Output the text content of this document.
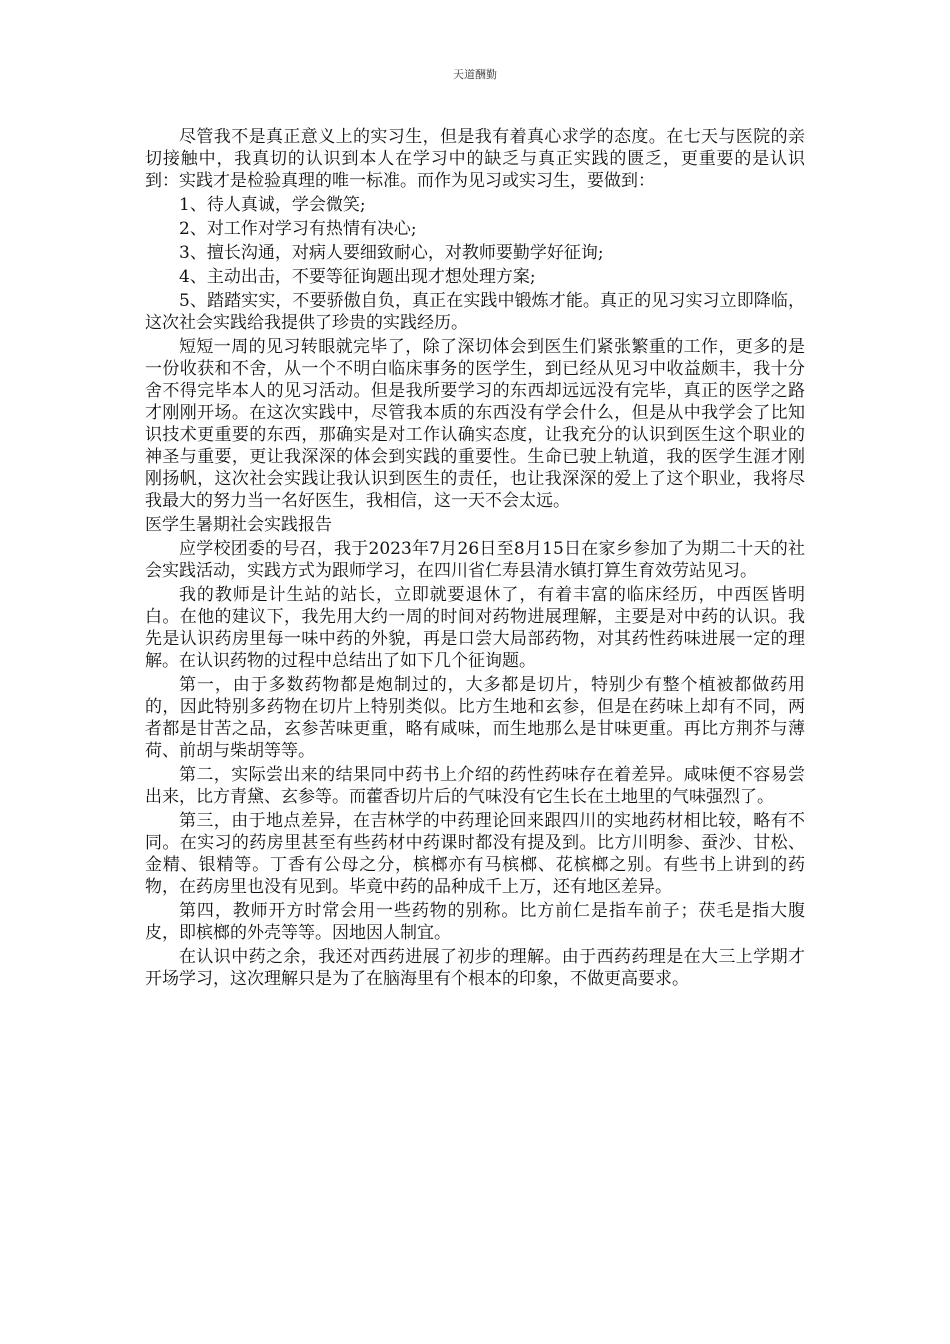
天道酬勤

尽管我不是真正意义上的实习生，但是我有着真心求学的态度。在七天与医院的亲切接触中，我真切的认识到本人在学习中的缺乏与真正实践的匮乏，更重要的是认识到：实践才是检验真理的唯一标准。而作为见习或实习生，要做到：

1、待人真诚，学会微笑;

2、对工作对学习有热情有决心;

3、擅长沟通，对病人要细致耐心，对教师要勤学好征询;

4、主动出击，不要等征询题出现才想处理方案;

5、踏踏实实，不要骄傲自负，真正在实践中锻炼才能。真正的见习实习立即降临，这次社会实践给我提供了珍贵的实践经历。

短短一周的见习转眼就完毕了，除了深切体会到医生们紧张繁重的工作，更多的是一份收获和不舍，从一个不明白临床事务的医学生，到已经从见习中收益颇丰，我十分舍不得完毕本人的见习活动。但是我所要学习的东西却远远没有完毕，真正的医学之路才刚刚开场。在这次实践中，尽管我本质的东西没有学会什么，但是从中我学会了比知识技术更重要的东西，那确实是对工作认确实态度，让我充分的认识到医生这个职业的神圣与重要，更让我深深的体会到实践的重要性。生命已驶上轨道，我的医学生涯才刚刚扬帆，这次社会实践让我认识到医生的责任，也让我深深的爱上了这个职业，我将尽我最大的努力当一名好医生，我相信，这一天不会太远。

医学生暑期社会实践报告

应学校团委的号召，我于2023年7月26日至8月15日在家乡参加了为期二十天的社会实践活动，实践方式为跟师学习，在四川省仁寿县清水镇打算生育效劳站见习。

我的教师是计生站的站长，立即就要退休了，有着丰富的临床经历，中西医皆明白。在他的建议下，我先用大约一周的时间对药物进展理解，主要是对中药的认识。我先是认识药房里每一味中药的外貌，再是口尝大局部药物，对其药性药味进展一定的理解。在认识药物的过程中总结出了如下几个征询题。

第一，由于多数药物都是炮制过的，大多都是切片，特别少有整个植被都做药用的，因此特别多药物在切片上特别类似。比方生地和玄参，但是在药味上却有不同，两者都是甘苦之品，玄参苦味更重，略有咸味，而生地那么是甘味更重。再比方荆芥与薄荷、前胡与柴胡等等。

第二，实际尝出来的结果同中药书上介绍的药性药味存在着差异。咸味便不容易尝出来，比方青黛、玄参等。而藿香切片后的气味没有它生长在土地里的气味强烈了。

第三，由于地点差异，在吉林学的中药理论回来跟四川的实地药材相比较，略有不同。在实习的药房里甚至有些药材中药课时都没有提及到。比方川明参、蚕沙、甘松、金精、银精等。丁香有公母之分，槟榔亦有马槟榔、花槟榔之别。有些书上讲到的药物，在药房里也没有见到。毕竟中药的品种成千上万，还有地区差异。

第四，教师开方时常会用一些药物的别称。比方前仁是指车前子；茯毛是指大腹皮，即槟榔的外壳等等。因地因人制宜。

在认识中药之余，我还对西药进展了初步的理解。由于西药药理是在大三上学期才开场学习，这次理解只是为了在脑海里有个根本的印象，不做更高要求。
